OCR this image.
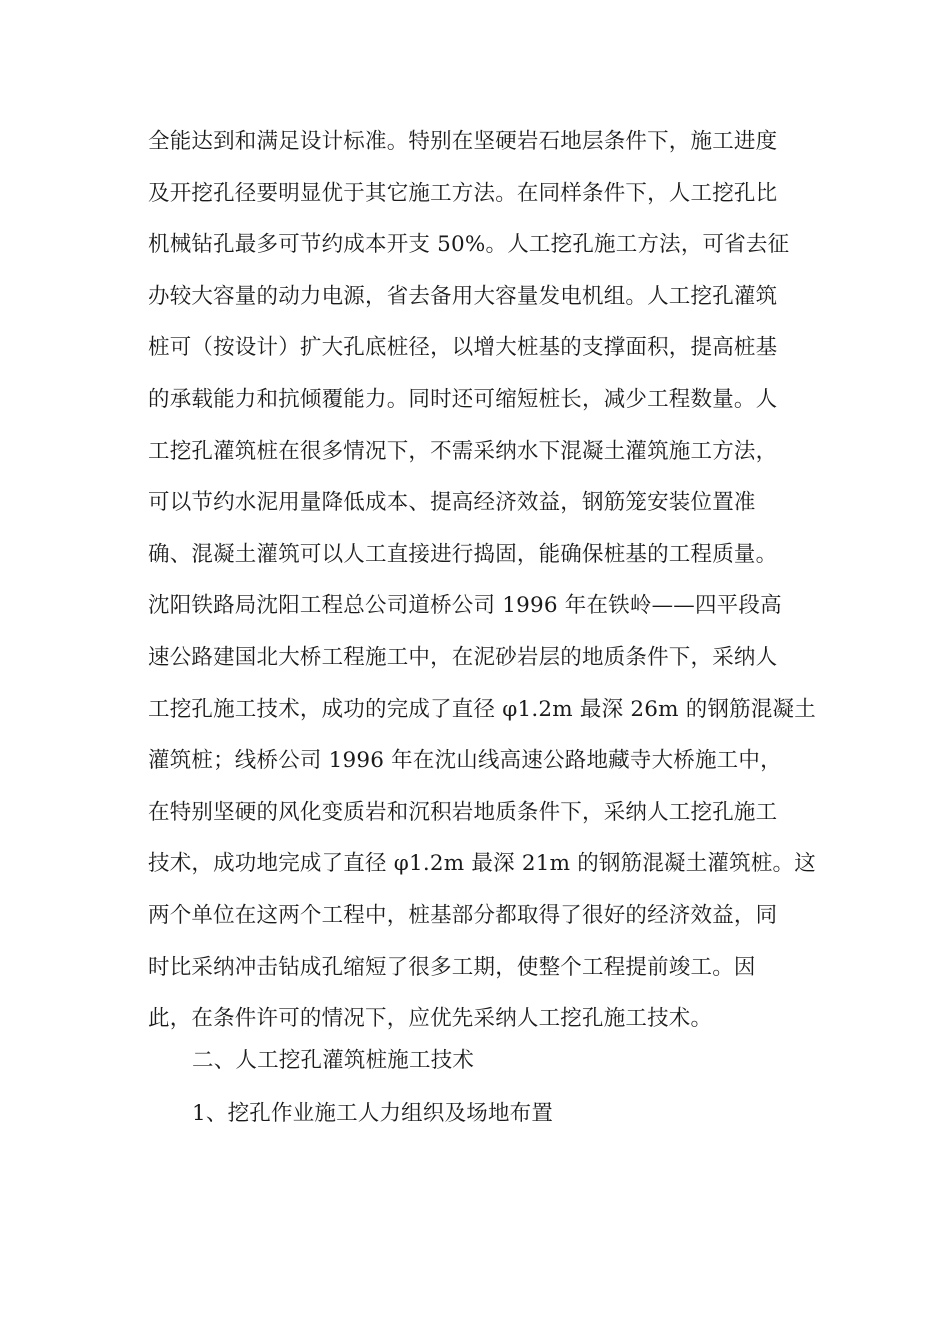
全能达到和满足设计标准。特别在坚硬岩石地层条件下，施工进度
及开挖孔径要明显优于其它施工方法。在同样条件下，人工挖孔比
机械钻孔最多可节约成本开支 50%。人工挖孔施工方法，可省去征
办较大容量的动力电源，省去备用大容量发电机组。人工挖孔灌筑
桩可（按设计）扩大孔底桩径，以增大桩基的支撑面积，提高桩基
的承载能力和抗倾覆能力。同时还可缩短桩长，减少工程数量。人
工挖孔灌筑桩在很多情况下，不需采纳水下混凝土灌筑施工方法，
可以节约水泥用量降低成本、提高经济效益，钢筋笼安装位置准
确、混凝土灌筑可以人工直接进行捣固，能确保桩基的工程质量。
沈阳铁路局沈阳工程总公司道桥公司 1996 年在铁岭——四平段高
速公路建国北大桥工程施工中，在泥砂岩层的地质条件下，采纳人
工挖孔施工技术，成功的完成了直径 φ1.2m 最深 26m 的钢筋混凝土
灌筑桩；线桥公司 1996 年在沈山线高速公路地藏寺大桥施工中，
在特别坚硬的风化变质岩和沉积岩地质条件下，采纳人工挖孔施工
技术，成功地完成了直径 φ1.2m 最深 21m 的钢筋混凝土灌筑桩。这
两个单位在这两个工程中，桩基部分都取得了很好的经济效益，同
时比采纳冲击钻成孔缩短了很多工期，使整个工程提前竣工。因
此，在条件许可的情况下，应优先采纳人工挖孔施工技术。
二、人工挖孔灌筑桩施工技术
1、挖孔作业施工人力组织及场地布置
